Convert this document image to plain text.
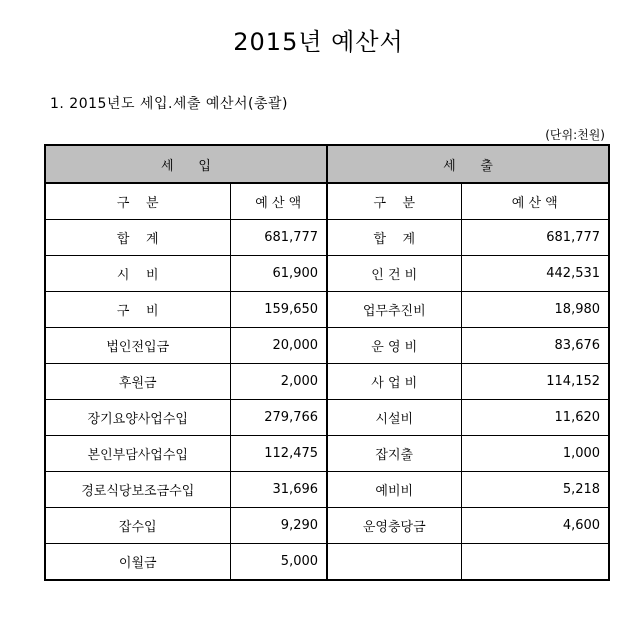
2015년 예산서
1. 2015년도 세입.세출 예산서(총괄)
(단위:천원)
세      입		세      출	
구    분	예 산 액	구    분	예 산 액
합    계	681,777	합    계	681,777
시    비	61,900	인 건 비	442,531
구    비	159,650	업무추진비	18,980
법인전입금	20,000	운 영 비	83,676
후원금	2,000	사 업 비	114,152
장기요양사업수입	279,766	시설비	11,620
본인부담사업수입	112,475	잡지출	1,000
경로식당보조금수입	31,696	예비비	5,218
잡수입	9,290	운영충당금	4,600
이월금	5,000		
